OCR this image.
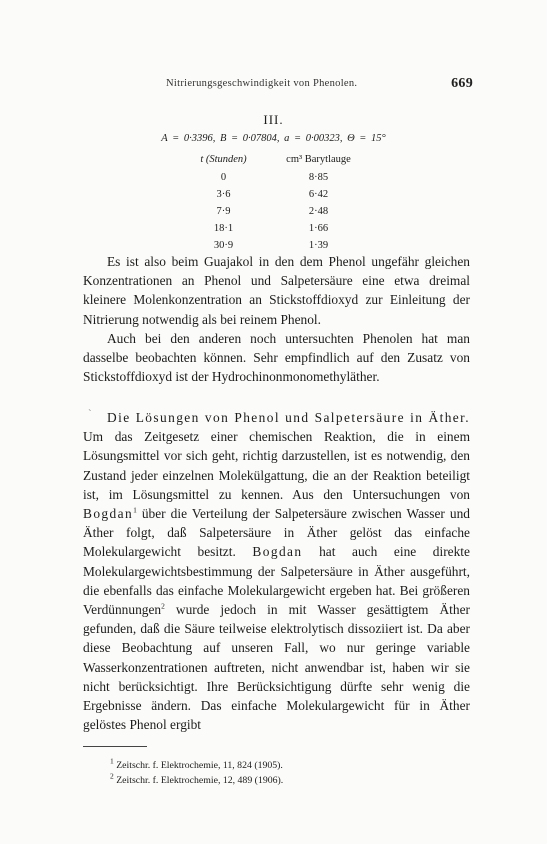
Nitrierungsgeschwindigkeit von Phenolen.	669
III.
A = 0·3396, B = 0·07804, a = 0·00323, Θ = 15°
t (Stunden)	cm³ Barytlauge
0	8·85
3·6	6·42
7·9	2·48
18·1	1·66
30·9	1·39

Es ist also beim Guajakol in den dem Phenol ungefähr gleichen Konzentrationen an Phenol und Salpetersäure eine etwa dreimal kleinere Molenkonzentration an Stickstoffdioxyd zur Einleitung der Nitrierung notwendig als bei reinem Phenol.

Auch bei den anderen noch untersuchten Phenolen hat man dasselbe beobachten können. Sehr empfindlich auf den Zusatz von Stickstoffdioxyd ist der Hydrochinonmonomethyläther.

ˋ	Die Lösungen von Phenol und Salpetersäure in Äther. Um das Zeitgesetz einer chemischen Reaktion, die in einem Lösungsmittel vor sich geht, richtig darzustellen, ist es notwendig, den Zustand jeder einzelnen Molekülgattung, die an der Reaktion beteiligt ist, im Lösungsmittel zu kennen. Aus den Untersuchungen von Bogdan$^1$ über die Verteilung der Salpetersäure zwischen Wasser und Äther folgt, daß Salpetersäure in Äther gelöst das einfache Molekulargewicht besitzt. Bogdan hat auch eine direkte Molekulargewichtsbestimmung der Salpetersäure in Äther ausgeführt, die ebenfalls das einfache Molekulargewicht ergeben hat. Bei größeren Verdünnungen$^2$ wurde jedoch in mit Wasser gesättigtem Äther gefunden, daß die Säure teilweise elektrolytisch dissoziiert ist. Da aber diese Beobachtung auf unseren Fall, wo nur geringe variable Wasserkonzentrationen auftreten, nicht anwendbar ist, haben wir sie nicht berücksichtigt. Ihre Berücksichtigung dürfte sehr wenig die Ergebnisse ändern. Das einfache Molekulargewicht für in Äther gelöstes Phenol ergibt

$^1$ Zeitschr. f. Elektrochemie, 11, 824 (1905).
$^2$ Zeitschr. f. Elektrochemie, 12, 489 (1906).
